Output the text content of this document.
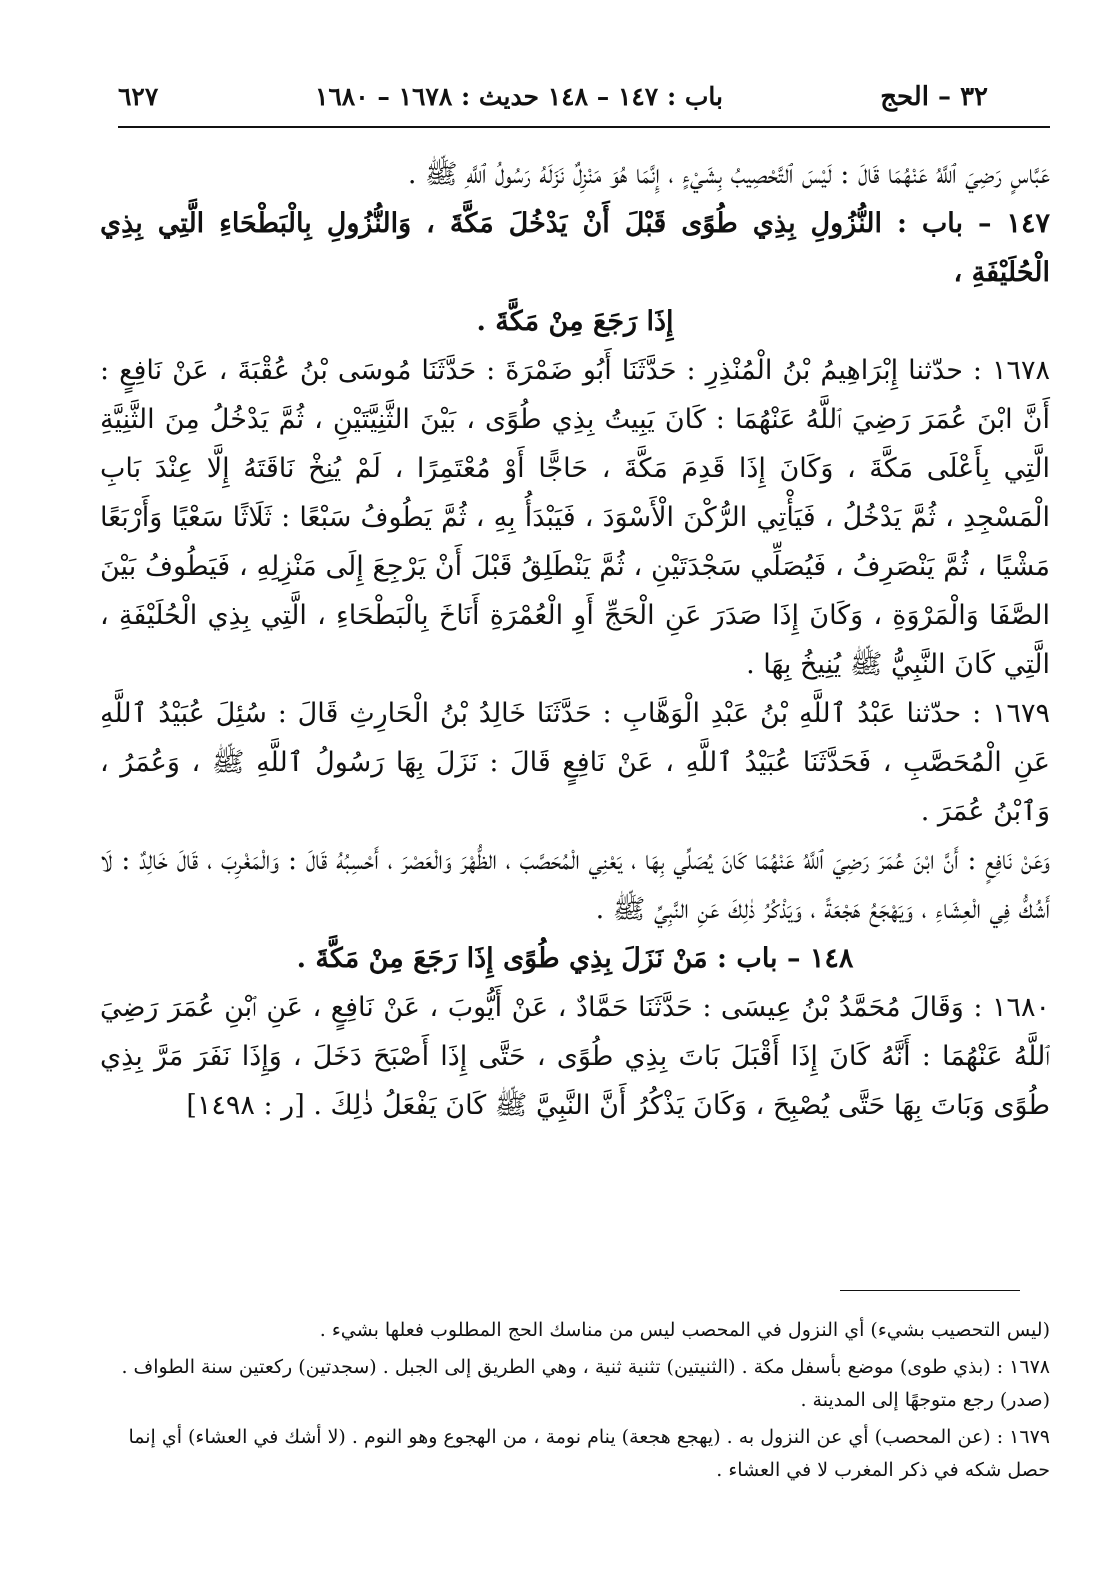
٣٢ – الحج
باب : ١٤٧ – ١٤٨ حديث : ١٦٧٨ – ١٦٨٠
٦٢٧

عَبَّاسٍ رَضِيَ ٱللَّهُ عَنْهُمَا قَالَ : لَيْسَ ٱلتَّحْصِيبُ بِشَيْءٍ ، إِنَّمَا هُوَ مَنْزِلٌ نَزَلَهُ رَسُولُ ٱللَّهِ ﷺ .

١٤٧ – باب : النُّزُولِ بِذِي طُوًى قَبْلَ أَنْ يَدْخُلَ مَكَّةَ ، وَالنُّزُولِ بِالْبَطْحَاءِ الَّتِي بِذِي الْحُلَيْفَةِ ،

إِذَا رَجَعَ مِنْ مَكَّةَ .

١٦٧٨ : حدّثنا إِبْرَاهِيمُ بْنُ الْمُنْذِرِ : حَدَّثَنَا أَبُو ضَمْرَةَ : حَدَّثَنَا مُوسَى بْنُ عُقْبَةَ ، عَنْ نَافِعٍ : أَنَّ ابْنَ عُمَرَ رَضِيَ ٱللَّهُ عَنْهُمَا : كَانَ يَبِيتُ بِذِي طُوًى ، بَيْنَ الثَّنِيَّتَيْنِ ، ثُمَّ يَدْخُلُ مِنَ الثَّنِيَّةِ الَّتِي بِأَعْلَى مَكَّةَ ، وَكَانَ إِذَا قَدِمَ مَكَّةَ ، حَاجًّا أَوْ مُعْتَمِرًا ، لَمْ يُنِخْ نَاقَتَهُ إِلَّا عِنْدَ بَابِ الْمَسْجِدِ ، ثُمَّ يَدْخُلُ ، فَيَأْتِي الرُّكْنَ الْأَسْوَدَ ، فَيَبْدَأُ بِهِ ، ثُمَّ يَطُوفُ سَبْعًا : ثَلَاثًا سَعْيًا وَأَرْبَعًا مَشْيًا ، ثُمَّ يَنْصَرِفُ ، فَيُصَلِّي سَجْدَتَيْنِ ، ثُمَّ يَنْطَلِقُ قَبْلَ أَنْ يَرْجِعَ إِلَى مَنْزِلِهِ ، فَيَطُوفُ بَيْنَ الصَّفَا وَالْمَرْوَةِ ، وَكَانَ إِذَا صَدَرَ عَنِ الْحَجِّ أَوِ الْعُمْرَةِ أَنَاخَ بِالْبَطْحَاءِ ، الَّتِي بِذِي الْحُلَيْفَةِ ، الَّتِي كَانَ النَّبِيُّ ﷺ يُنِيخُ بِهَا .

١٦٧٩ : حدّثنا عَبْدُ ٱللَّهِ بْنُ عَبْدِ الْوَهَّابِ : حَدَّثَنَا خَالِدُ بْنُ الْحَارِثِ قَالَ : سُئِلَ عُبَيْدُ ٱللَّهِ عَنِ الْمُحَصَّبِ ، فَحَدَّثَنَا عُبَيْدُ ٱللَّهِ ، عَنْ نَافِعٍ قَالَ : نَزَلَ بِهَا رَسُولُ ٱللَّهِ ﷺ ، وَعُمَرُ ، وَٱبْنُ عُمَرَ .

وَعَنْ نَافِعٍ : أَنَّ ابْنَ عُمَرَ رَضِيَ ٱللَّهُ عَنْهُمَا كَانَ يُصَلِّي بِهَا ، يَعْنِي الْمُحَصَّبَ ، الظُّهْرَ وَالْعَصْرَ ، أَحْسِبُهُ قَالَ : وَالْمَغْرِبَ ، قَالَ خَالِدٌ : لَا أَشُكُّ فِي الْعِشَاءِ ، وَيَهْجَعُ هَجْعَةً ، وَيَذْكُرُ ذٰلِكَ عَنِ النَّبِيِّ ﷺ .

١٤٨ – باب : مَنْ نَزَلَ بِذِي طُوًى إِذَا رَجَعَ مِنْ مَكَّةَ .

١٦٨٠ : وَقَالَ مُحَمَّدُ بْنُ عِيسَى : حَدَّثَنَا حَمَّادٌ ، عَنْ أَيُّوبَ ، عَنْ نَافِعٍ ، عَنِ ٱبْنِ عُمَرَ رَضِيَ ٱللَّهُ عَنْهُمَا : أَنَّهُ كَانَ إِذَا أَقْبَلَ بَاتَ بِذِي طُوًى ، حَتَّى إِذَا أَصْبَحَ دَخَلَ ، وَإِذَا نَفَرَ مَرَّ بِذِي طُوًى وَبَاتَ بِهَا حَتَّى يُصْبِحَ ، وَكَانَ يَذْكُرُ أَنَّ النَّبِيَّ ﷺ كَانَ يَفْعَلُ ذٰلِكَ . [ر : ١٤٩٨]

(ليس التحصيب بشيء) أي النزول في المحصب ليس من مناسك الحج المطلوب فعلها بشيء .

١٦٧٨ : (بذي طوى) موضع بأسفل مكة . (الثنيتين) تثنية ثنية ، وهي الطريق إلى الجبل . (سجدتين) ركعتين سنة الطواف . (صدر) رجع متوجهًا إلى المدينة .

١٦٧٩ : (عن المحصب) أي عن النزول به . (يهجع هجعة) ينام نومة ، من الهجوع وهو النوم . (لا أشك في العشاء) أي إنما حصل شكه في ذكر المغرب لا في العشاء .
